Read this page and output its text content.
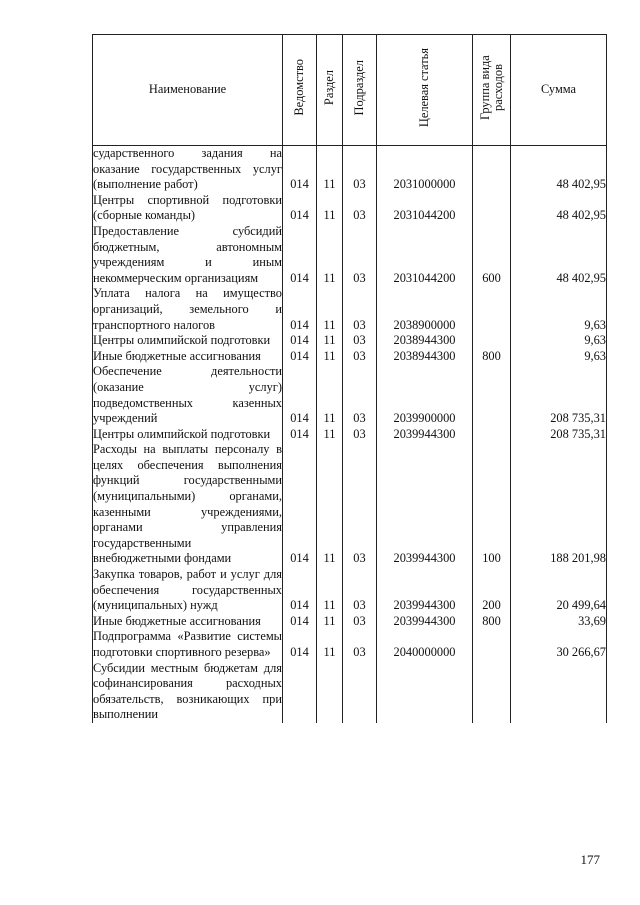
Наименование	Ведомство	Раздел	Подраздел	Целевая статья	Группа вида расходов	Сумма
сударственного задания на оказание государственных услуг (выполнение работ)	014	11	03	2031000000		48 402,95
Центры спортивной подготовки (сборные команды)	014	11	03	2031044200		48 402,95
Предоставление субсидий бюджетным, автономным учреждениям и иным некоммерческим организациям	014	11	03	2031044200	600	48 402,95
Уплата налога на имущество организаций, земельного и транспортного налогов	014	11	03	2038900000		9,63
Центры олимпийской подготовки	014	11	03	2038944300		9,63
Иные бюджетные ассигнования	014	11	03	2038944300	800	9,63
Обеспечение деятельности (оказание услуг) подведомственных казенных учреждений	014	11	03	2039900000		208 735,31
Центры олимпийской подготовки	014	11	03	2039944300		208 735,31
Расходы на выплаты персоналу в целях обеспечения выполнения функций государственными (муниципальными) органами, казенными учреждениями, органами управления государственными внебюджетными фондами	014	11	03	2039944300	100	188 201,98
Закупка товаров, работ и услуг для обеспечения государственных (муниципальных) нужд	014	11	03	2039944300	200	20 499,64
Иные бюджетные ассигнования	014	11	03	2039944300	800	33,69
Подпрограмма «Развитие системы подготовки спортивного резерва»	014	11	03	2040000000		30 266,67
Субсидии местным бюджетам для софинансирования расходных обязательств, возникающих при выполнении						
177
